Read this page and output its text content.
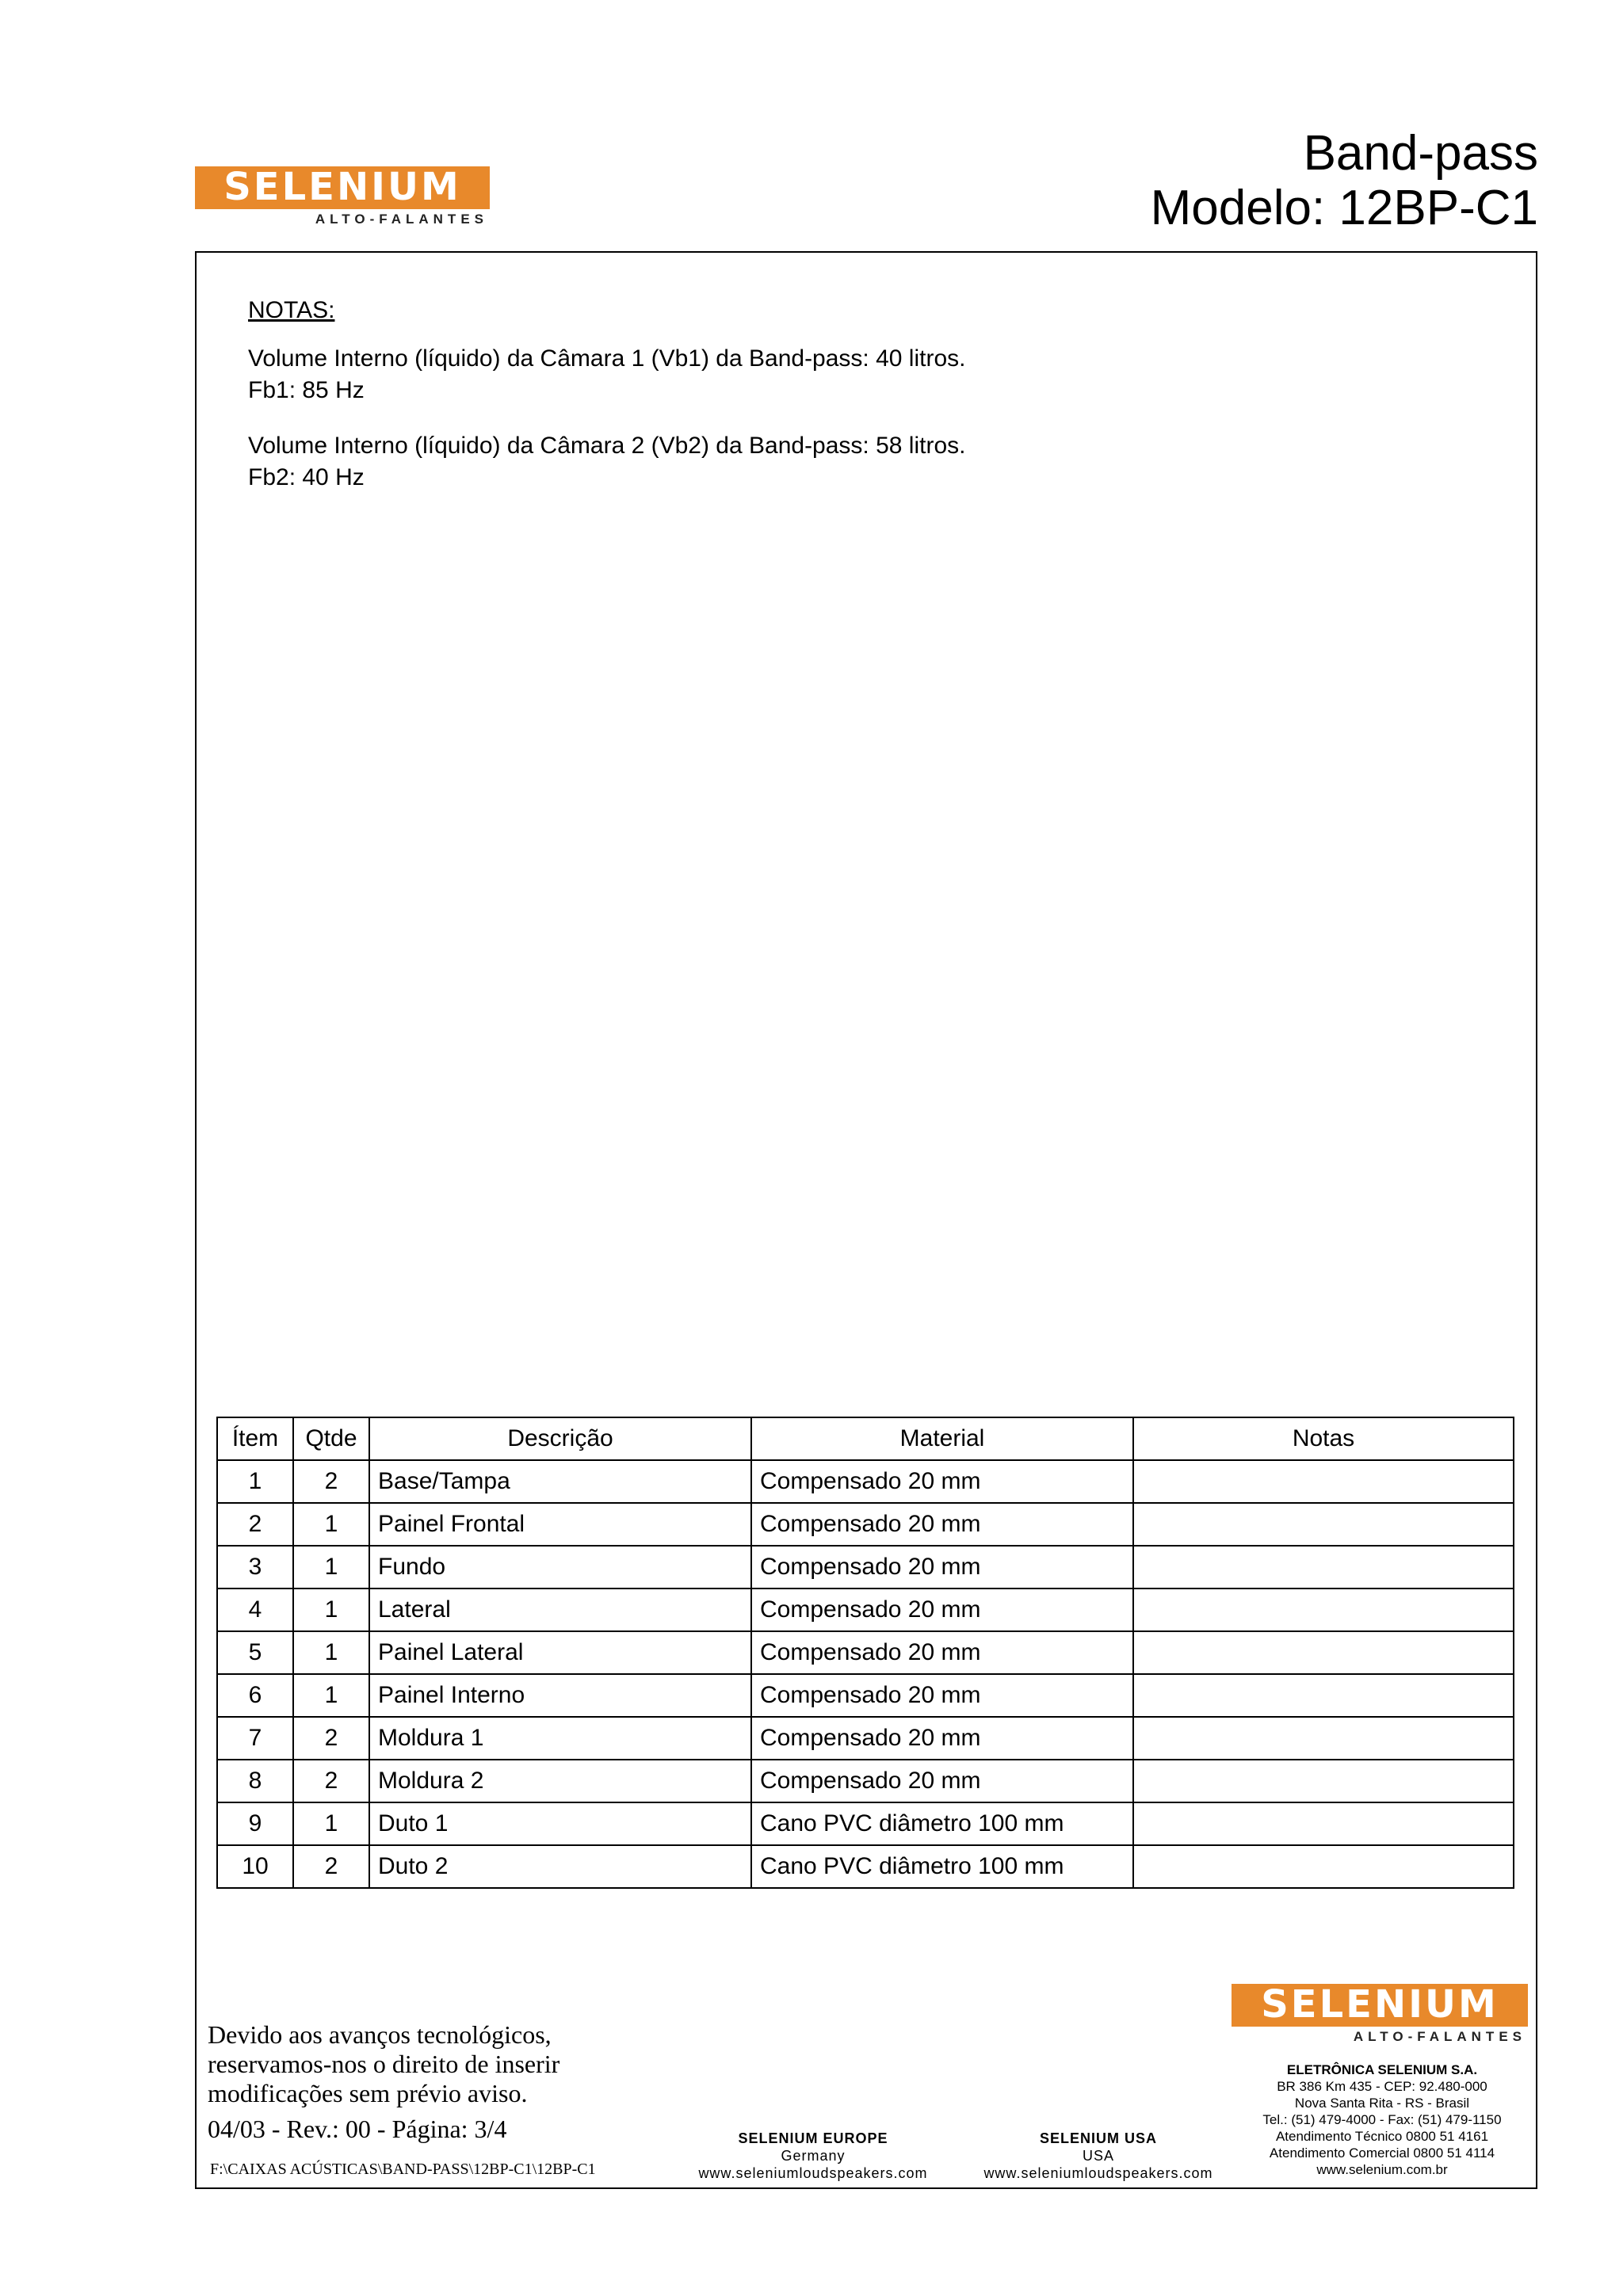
SELENIUM
ALTO-FALANTES
Band-pass
Modelo: 12BP-C1
NOTAS:
Volume Interno (líquido) da Câmara 1 (Vb1) da Band-pass: 40 litros.
Fb1: 85 Hz
Volume Interno (líquido) da Câmara 2 (Vb2) da Band-pass: 58 litros.
Fb2: 40 Hz
Ítem	Qtde	Descrição	Material	Notas
1	2	Base/Tampa	Compensado 20 mm	
2	1	Painel Frontal	Compensado 20 mm	
3	1	Fundo	Compensado 20 mm	
4	1	Lateral	Compensado 20 mm	
5	1	Painel Lateral	Compensado 20 mm	
6	1	Painel Interno	Compensado 20 mm	
7	2	Moldura 1	Compensado 20 mm	
8	2	Moldura 2	Compensado 20 mm	
9	1	Duto 1	Cano PVC diâmetro 100 mm	
10	2	Duto 2	Cano PVC diâmetro 100 mm	
Devido aos avanços tecnológicos,
reservamos-nos o direito de inserir
modificações sem prévio aviso.
04/03 - Rev.: 00 - Página: 3/4
F:\CAIXAS ACÚSTICAS\BAND-PASS\12BP-C1\12BP-C1
SELENIUM EUROPE
Germany
www.seleniumloudspeakers.com
SELENIUM USA
USA
www.seleniumloudspeakers.com
SELENIUM
ALTO-FALANTES
ELETRÔNICA SELENIUM S.A.
BR 386 Km 435 - CEP: 92.480-000
Nova Santa Rita - RS - Brasil
Tel.: (51) 479-4000 - Fax: (51) 479-1150
Atendimento Técnico 0800 51 4161
Atendimento Comercial 0800 51 4114
www.selenium.com.br
